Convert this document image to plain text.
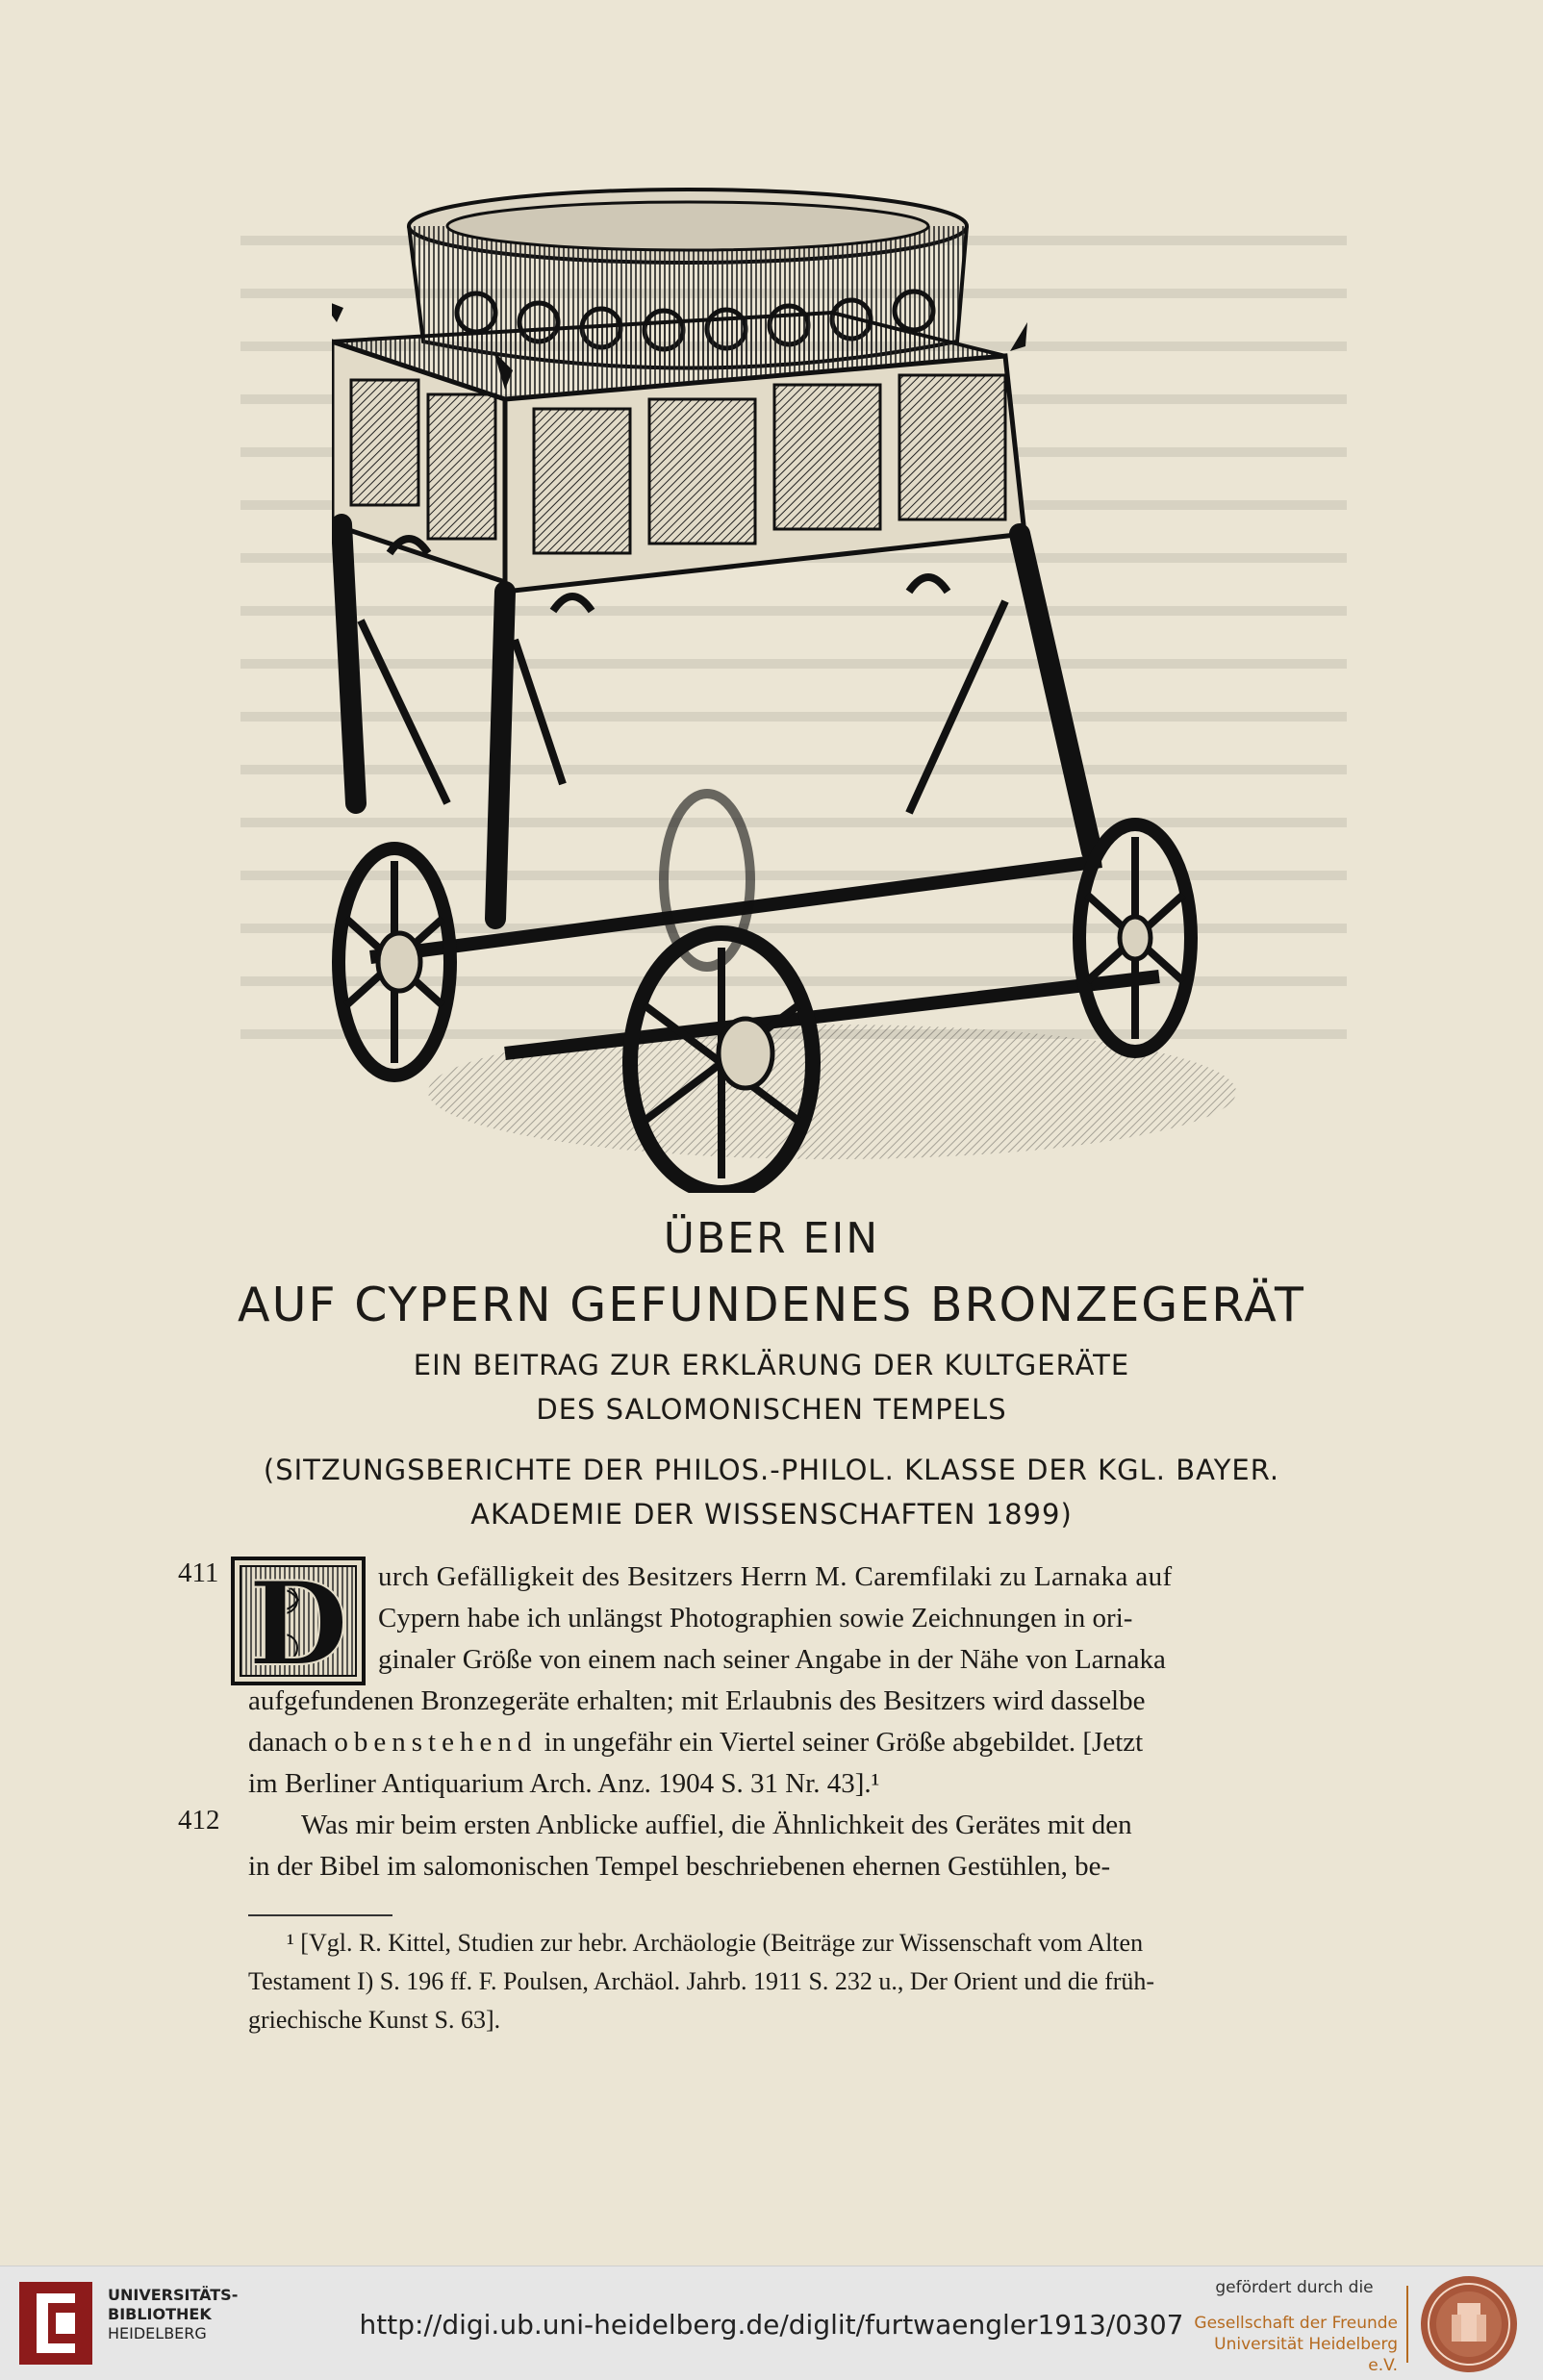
ÜBER EIN
AUF CYPERN GEFUNDENES BRONZEGERÄT
EIN BEITRAG ZUR ERKLÄRUNG DER KULTGERÄTE
DES SALOMONISCHEN TEMPELS
(SITZUNGSBERICHTE DER PHILOS.-PHILOL. KLASSE DER KGL. BAYER.
AKADEMIE DER WISSENSCHAFTEN 1899)
411
412
D urch Gefälligkeit des Besitzers Herrn M. Caremfilaki zu Larnaka auf
Cypern habe ich unlängst Photographien sowie Zeichnungen in ori-
ginaler Größe von einem nach seiner Angabe in der Nähe von Larnaka
aufgefundenen Bronzegeräte erhalten; mit Erlaubnis des Besitzers wird dasselbe
danach obenstehend in ungefähr ein Viertel seiner Größe abgebildet. [Jetzt
im Berliner Antiquarium Arch. Anz. 1904 S. 31 Nr. 43].¹
Was mir beim ersten Anblicke auffiel, die Ähnlichkeit des Gerätes mit den
in der Bibel im salomonischen Tempel beschriebenen ehernen Gestühlen, be-
¹ [Vgl. R. Kittel, Studien zur hebr. Archäologie (Beiträge zur Wissenschaft vom Alten
Testament I) S. 196 ff. F. Poulsen, Archäol. Jahrb. 1911 S. 232 u., Der Orient und die früh-
griechische Kunst S. 63].
UNIVERSITÄTS-
BIBLIOTHEK
HEIDELBERG	http://digi.ub.uni-heidelberg.de/diglit/furtwaengler1913/0307
gefördert durch die
Gesellschaft der Freunde
Universität Heidelberg e.V.
